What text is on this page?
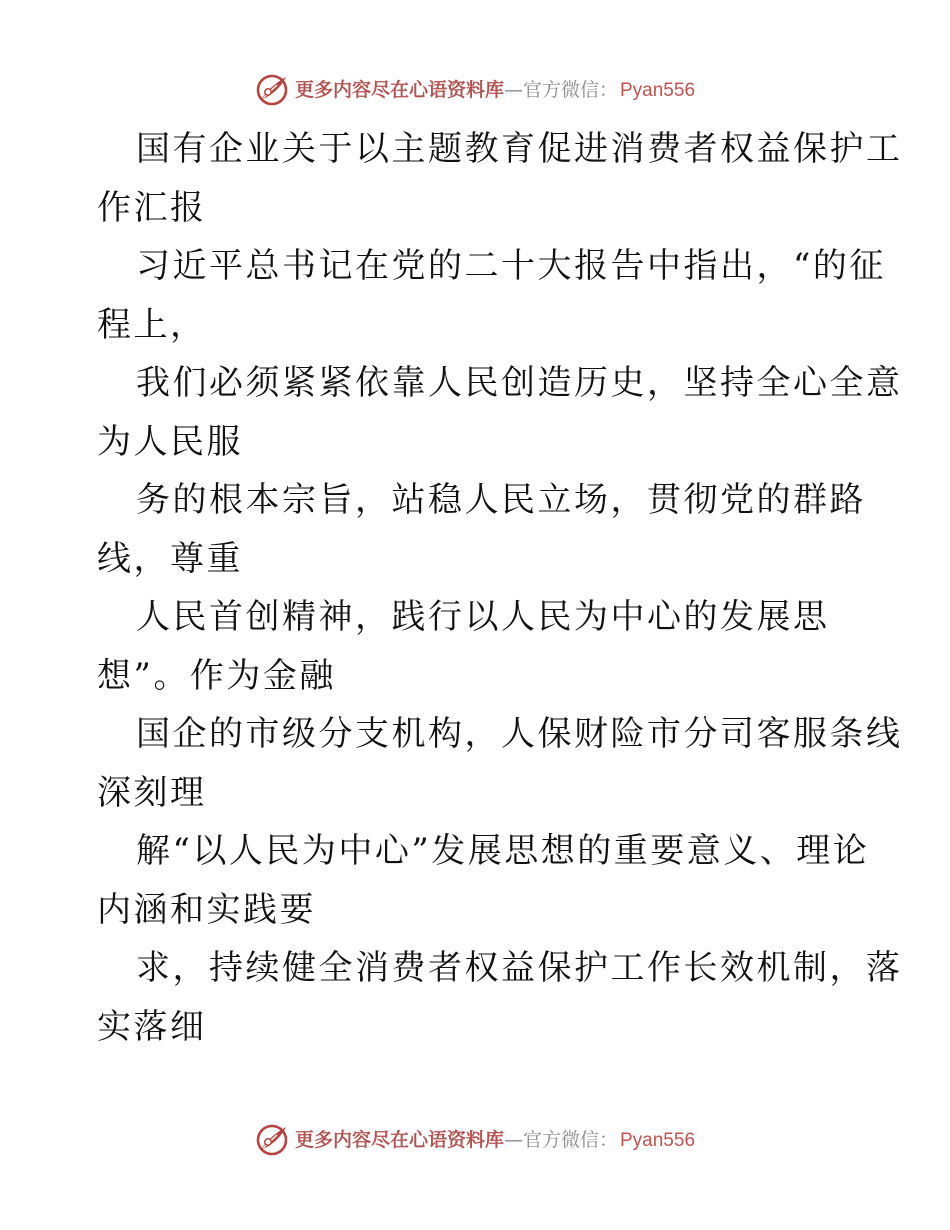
更多内容尽在心语资料库 — 官方微信： Pyan556

国有企业关于以主题教育促进消费者权益保护工
作汇报

习近平总书记在党的二十大报告中指出，“的征
程上，

我们必须紧紧依靠人民创造历史，坚持全心全意
为人民服

务的根本宗旨，站稳人民立场，贯彻党的群路
线，尊重

人民首创精神，践行以人民为中心的发展思
想”。作为金融

国企的市级分支机构，人保财险市分司客服条线
深刻理

解“以人民为中心”发展思想的重要意义、理论
内涵和实践要

求，持续健全消费者权益保护工作长效机制，落
实落细

更多内容尽在心语资料库 — 官方微信： Pyan556
